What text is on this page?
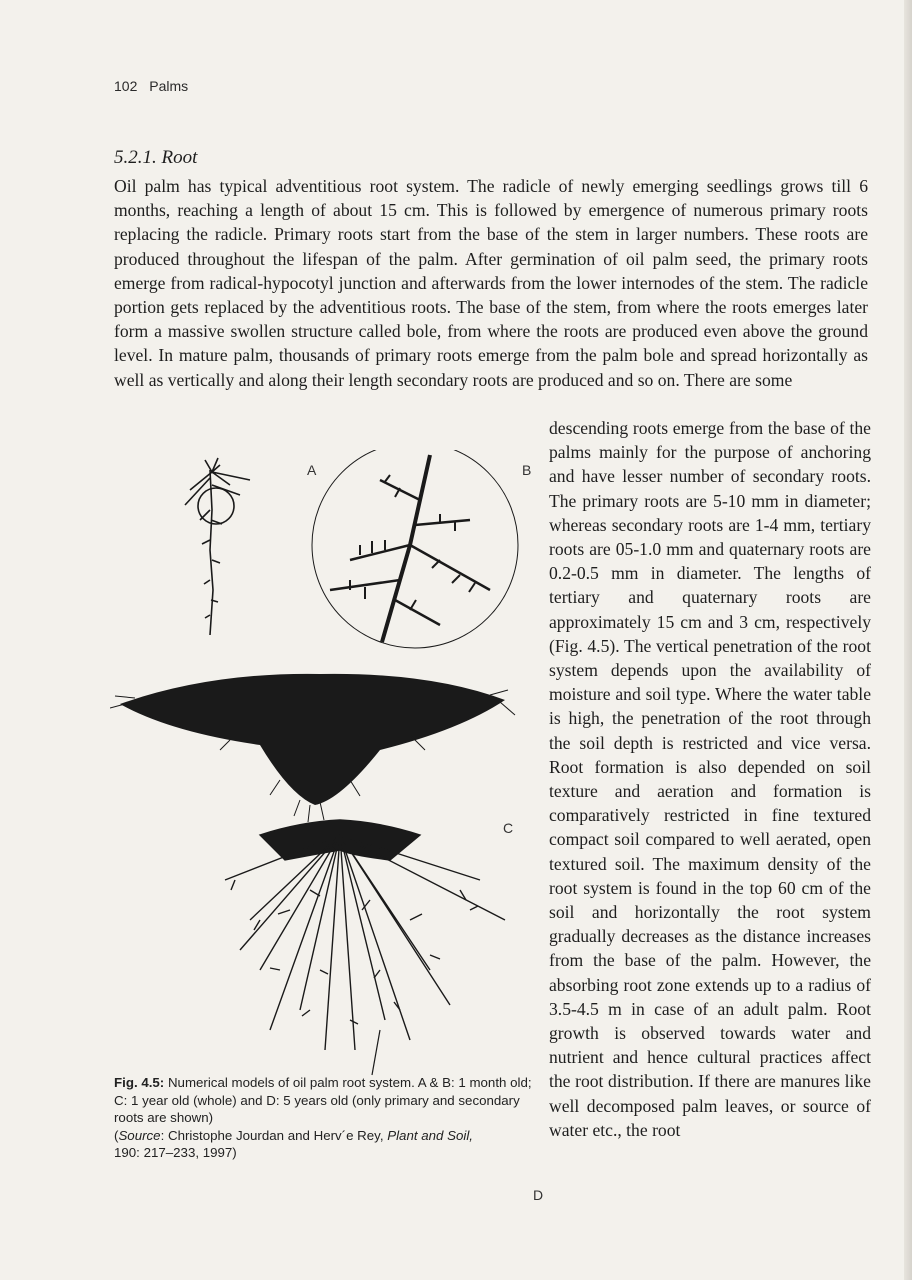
102 Palms
5.2.1. Root

Oil palm has typical adventitious root system. The radicle of newly emerging seedlings grows till 6 months, reaching a length of about 15 cm. This is followed by emergence of numerous primary roots replacing the radicle. Primary roots start from the base of the stem in larger numbers. These roots are produced throughout the lifespan of the palm. After germination of oil palm seed, the primary roots emerge from radical-hypocotyl junction and afterwards from the lower internodes of the stem. The radicle portion gets replaced by the adventitious roots. The base of the stem, from where the roots emerges later form a massive swollen structure called bole, from where the roots are produced even above the ground level. In mature palm, thousands of primary roots emerge from the palm bole and spread horizontally as well as vertically and along their length secondary roots are produced and so on. There are some

descending roots emerge from the base of the palms mainly for the purpose of anchoring and have lesser number of secondary roots. The primary roots are 5-10 mm in diameter; whereas secondary roots are 1-4 mm, tertiary roots are 05-1.0 mm and quaternary roots are 0.2-0.5 mm in diameter. The lengths of tertiary and quaternary roots are approximately 15 cm and 3 cm, respectively (Fig. 4.5). The vertical penetration of the root system depends upon the availability of moisture and soil type. Where the water table is high, the penetration of the root through the soil depth is restricted and vice versa. Root formation is also depended on soil texture and aeration and formation is comparatively restricted in fine textured compact soil compared to well aerated, open textured soil. The maximum density of the root system is found in the top 60 cm of the soil and horizontally the root system gradually decreases as the distance increases from the base of the palm. However, the absorbing root zone extends up to a radius of 3.5-4.5 m in case of an adult palm. Root growth is observed towards water and nutrient and hence cultural practices affect the root distribution. If there are manures like well decomposed palm leaves, or source of water etc., the root

A	B
C

Fig. 4.5: Numerical models of oil palm root system. A & B: 1 month old; C: 1 year old (whole) and D: 5 years old (only primary and secondary roots are shown)
(Source: Christophe Jourdan and Herv´e Rey, Plant and Soil,
190: 217–233, 1997)

D
